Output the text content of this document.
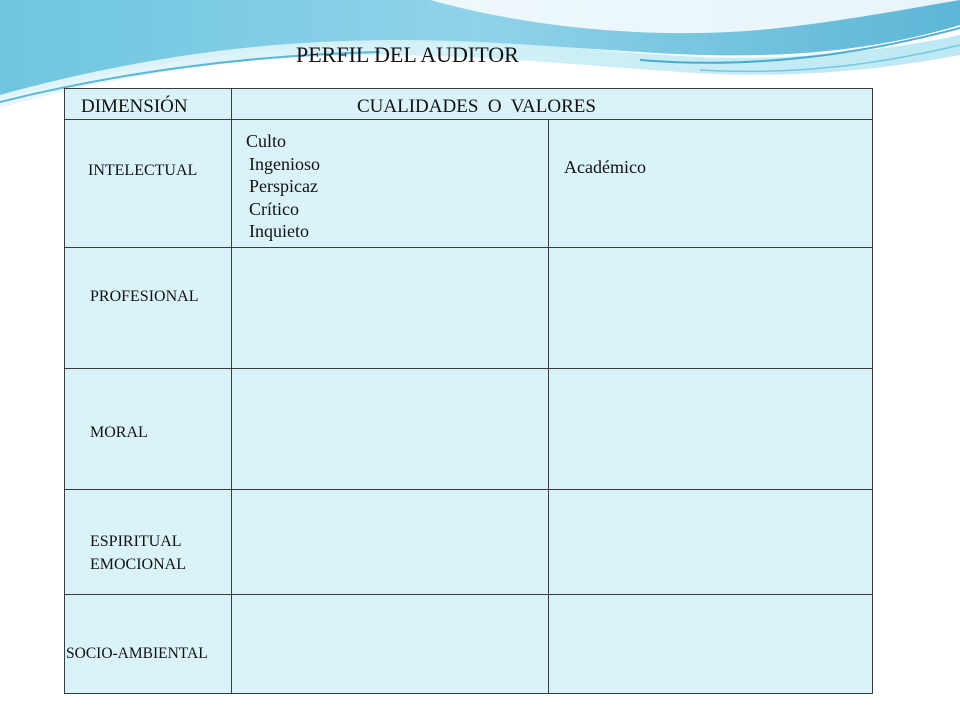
PERFIL DEL AUDITOR
DIMENSIÓN	CUALIDADES  O  VALORES
INTELECTUAL
Culto
Ingenioso
Perspicaz
Crítico
Inquieto
Académico
PROFESIONAL
MORAL
ESPIRITUAL
EMOCIONAL
SOCIO-AMBIENTAL
